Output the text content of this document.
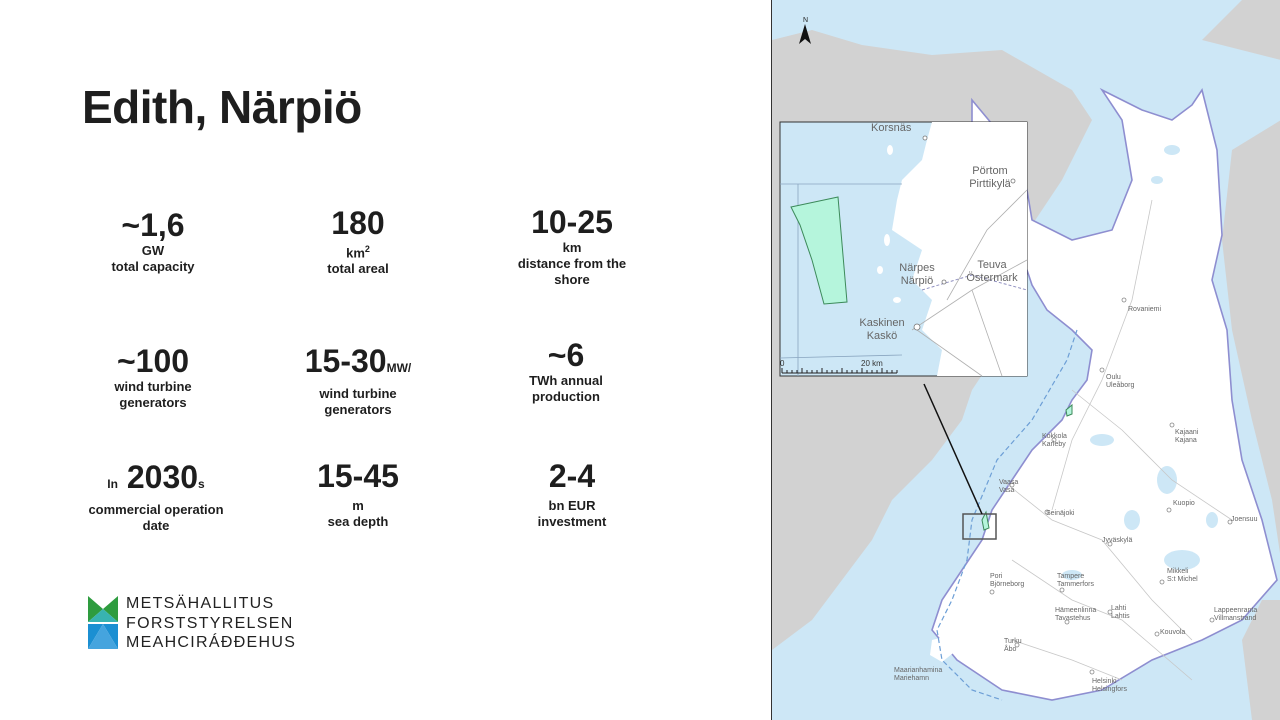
Edith, Närpiö
~1,6
GW
total capacity
180
$km^2$
total areal
10-25
km
distance from the shore
~100
wind turbine generators
15-30MW/
wind turbine generators
~6
TWh annual production
In 2030s
commercial operation date
15-45
m
sea depth
2-4
bn EUR investment
METSÄHALLITUS
FORSTSTYRELSEN
MEAHCIRÁĐĐEHUS
N
Rovaniemi
Oulu Uleåborg
Kajaani Kajana
Kokkola Karleby
Vaasa Vasa
Seinäjoki
Kuopio
Joensuu
Jyväskylä
Pori Björneborg
Tampere Tammerfors
Mikkeli S:t Michel
Hämeenlinna Tavastehus
Lahti Lahtis
Lappeenranta Villmanstrand
Kouvola
Turku Åbo
Maarianhamina Mariehamn	Helsinki Helsingfors
Korsnäs
Pörtom Pirttikylä
Närpes Närpiö
Teuva Östermark
Kaskinen Kaskö
0	20 km
